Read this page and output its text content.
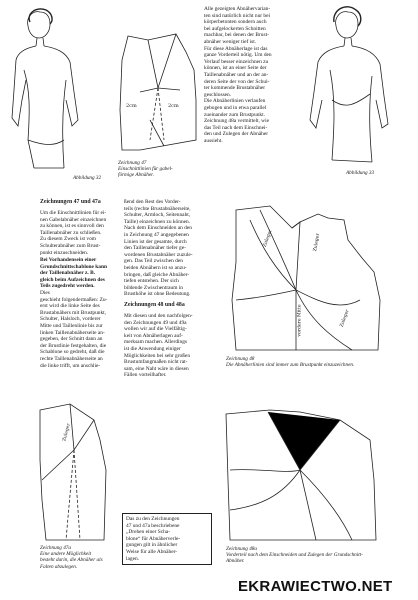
Abbildung 32
Abbildung 33
Zeichnung 47
Einschnittlinien für gabel-
förmige Abnäher.
Zeichnung 48
Die Abnäherlinien sind immer zum Brustpunkt einzuzeichnen.
Zeichnung 47a
Eine andere Möglichkeit
besteht darin, die Abnäher als
Falten abzulegen.
Zeichnung 48a
Vorderteil nach dem Einschneiden und Zulegen der Grundschnitt-
Abnäher.
2cm	2cm
Zuleger	Zuleger
vordere Mitte	Zuleger
Zuleger
Alle gezeigten Abnähervarian-
ten sind natürlich nicht nur bei
körperbetonten sondern auch
bei aufgelockerten Schnitten
machbar, bei denen der Brust-
abnäher weniger tief ist.
Für diese Abnäherlage ist das
ganze Vorderteil nötig. Um den
Verlauf besser einzeichnen zu
können, ist an einer Seite der
Taillenabnäher und an der an-
deren Seite der von der Schul-
ter kommende Brustabnäher
geschlossen.
Die Abnäherlinien verlaufen
gebogen und in etwa parallel
zueinander zum Brustpunkt.
Zeichnung 48a vermittelt, wie
das Teil nach dem Einschnei-
den und Zulegen der Abnäher
aussieht.
Zeichnungen 47 und 47a
Um die Einschnittlinien für ei-
nen Gabelabnäher einzeichnen
zu können, ist es sinnvoll den
Taillenabnäher zu schließen.
Zu diesem Zweck ist vom
Schulterabnäher zum Brust-
punkt einzuschneiden.
Bei Vorhandensein einer
Grundschnittschablone kann
der Taillenabnäher z. B.
gleich beim Aufzeichnen des
Teils zugedreht werden.
Dies
geschieht folgendermaßen: Zu-
erst wird die linke Seite des
Brustabnähers mit Brustpunkt,
Schulter, Halsloch, vorderer
Mitte und Taillenlinie bis zur
linken Taillenabnäherseite an-
gegeben, der Schnitt dann an
der Brustlinie festgehalten, die
Schablone so gedreht, daß die
rechte Taillenabnäherseite an
die linke trifft, um anschlie-
ßend den Rest des Vorder-
teils (rechte Brustabnäherseite,
Schulter, Armloch, Seitennaht,
Taille) einzeichnen zu können.
Nach dem Einschneiden an den
in Zeichnung 47 angegebenen
Linien ist der gesamte, durch
den Taillenabnäher tiefer ge-
wordenen Brustabnäher zuzule-
gen. Das Teil zwischen den
beiden Abnähern ist so anzu-
bringen, daß gleiche Abnäher-
tiefen entstehen. Der sich
bildende Zwischentraum in
Brusthöhe ist ohne Bedeutung.
Zeichnungen 48 und 48a
Mit diesen und den nachfolgen-
den Zeichnungen 49 und 49a
wollen wir auf die Vielfältig-
keit von Abnäherlagen auf-
merksam machen. Allerdings
ist die Anwendung einiger
Möglichkeiten bei sehr großen
Brustumfangmaßen nicht rat-
sam, eine Naht wäre in diesen
Fällen vorteilhafter.
Das zu den Zeichnungen
47 und 47a beschriebene
„Drehen einer Scha-
blone“ für Abnäherverle-
gungen gilt in ähnlicher
Weise für alle Abnäher-
lagen.
EKRAWIECTWO.NET
